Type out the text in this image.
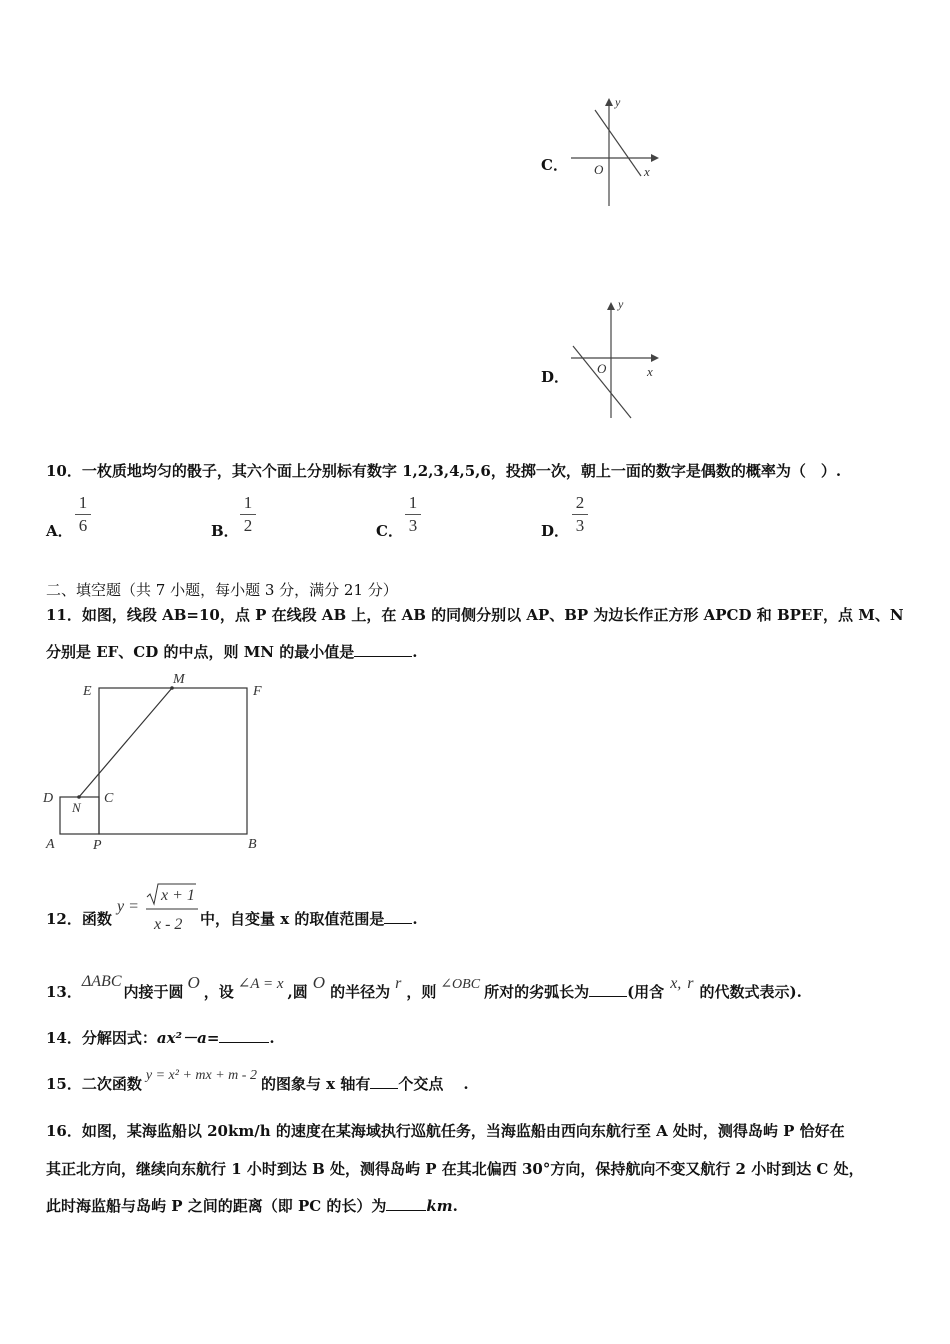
C．
y
x
O
D．
y
x
O
10．一枚质地均匀的骰子，其六个面上分别标有数字 1,2,3,4,5,6，投掷一次，朝上一面的数字是偶数的概率为（　）.
A．
1
6	B．
1
2	C．
1
3	D．
2
3
二、填空题（共 7 小题，每小题 3 分，满分 21 分）
11．如图，线段 AB=10，点 P 在线段 AB 上，在 AB 的同侧分别以 AP、BP 为边长作正方形 APCD 和 BPEF，点 M、N
分别是 EF、CD 的中点，则 MN 的最小值是	.
E
M
F
D
N
C
A	P	B
12．函数
y =
x + 1
x - 2 中，自变量 x 的取值范围是 .
13．ΔABC内接于圆 O ，设 ∠A = x ,圆 O 的半径为 r ，则 ∠OBC 所对的劣弧长为	(用含 x, r 的代数式表示).
14．分解因式：ax²－a=	.
15．二次函数 y = x² + mx + m - 2 的图象与 x 轴有 个交点 .
16．如图，某海监船以 20km/h 的速度在某海域执行巡航任务，当海监船由西向东航行至 A 处时，测得岛屿 P 恰好在
其正北方向，继续向东航行 1 小时到达 B 处，测得岛屿 P 在其北偏西 30°方向，保持航向不变又航行 2 小时到达 C 处，
此时海监船与岛屿 P 之间的距离（即 PC 的长）为	km.
